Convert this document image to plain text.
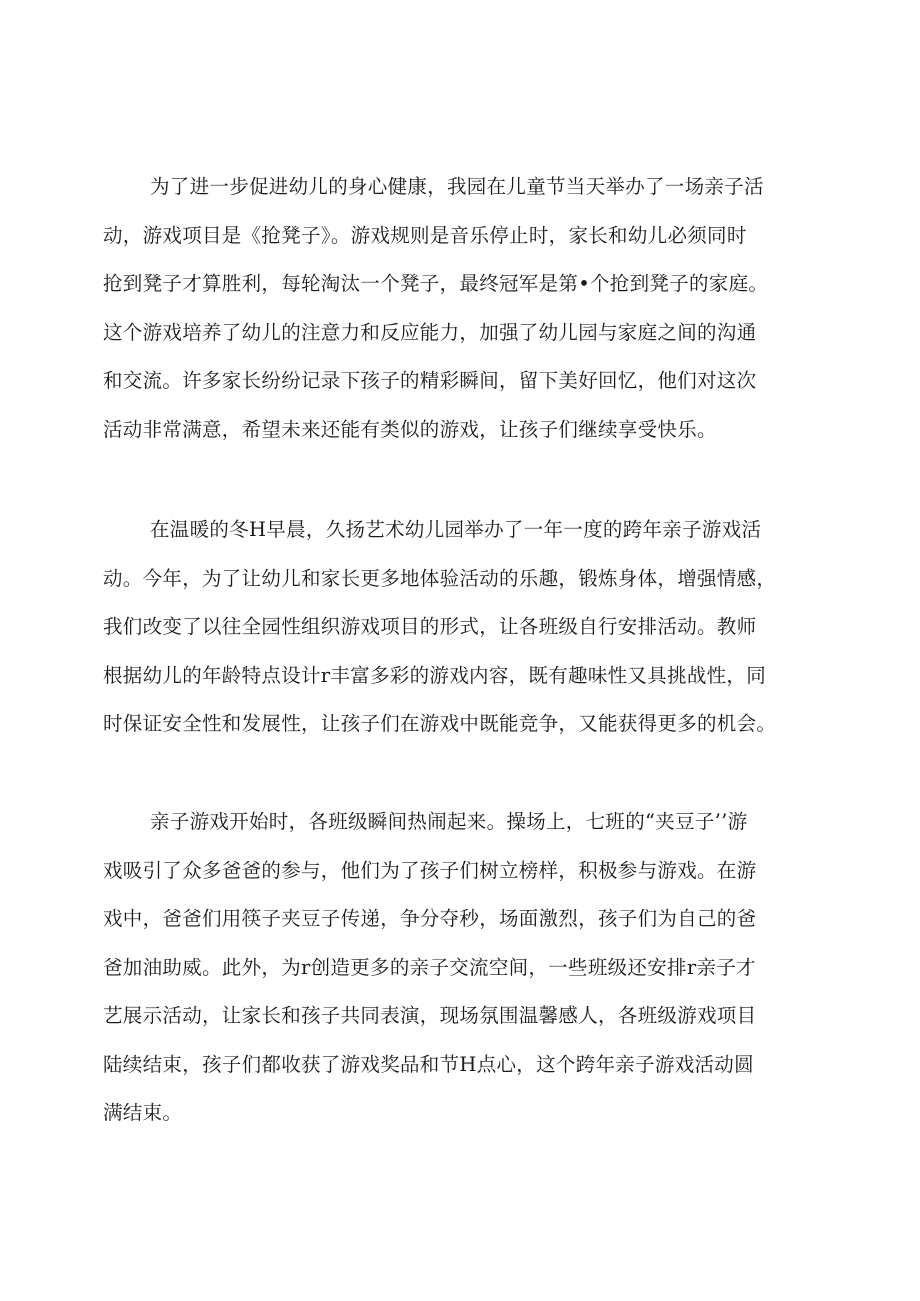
为了进一步促进幼儿的身心健康，我园在儿童节当天举办了一场亲子活
动，游戏项目是《抢凳子》。游戏规则是音乐停止时，家长和幼儿必须同时
抢到凳子才算胜利，每轮淘汰一个凳子，最终冠军是第•个抢到凳子的家庭。
这个游戏培养了幼儿的注意力和反应能力，加强了幼儿园与家庭之间的沟通
和交流。许多家长纷纷记录下孩子的精彩瞬间，留下美好回忆，他们对这次
活动非常满意，希望未来还能有类似的游戏，让孩子们继续享受快乐。
在温暖的冬H早晨，久扬艺术幼儿园举办了一年一度的跨年亲子游戏活
动。今年，为了让幼儿和家长更多地体验活动的乐趣，锻炼身体，增强情感，
我们改变了以往全园性组织游戏项目的形式，让各班级自行安排活动。教师
根据幼儿的年龄特点设计r丰富多彩的游戏内容，既有趣味性又具挑战性，同
时保证安全性和发展性，让孩子们在游戏中既能竞争，又能获得更多的机会。
亲子游戏开始时，各班级瞬间热闹起来。操场上，七班的“夹豆子’’游
戏吸引了众多爸爸的参与，他们为了孩子们树立榜样，积极参与游戏。在游
戏中，爸爸们用筷子夹豆子传递，争分夺秒，场面激烈，孩子们为自己的爸
爸加油助威。此外，为r创造更多的亲子交流空间，一些班级还安排r亲子才
艺展示活动，让家长和孩子共同表演，现场氛围温馨感人，各班级游戏项目
陆续结束，孩子们都收获了游戏奖品和节H点心，这个跨年亲子游戏活动圆
满结束。
